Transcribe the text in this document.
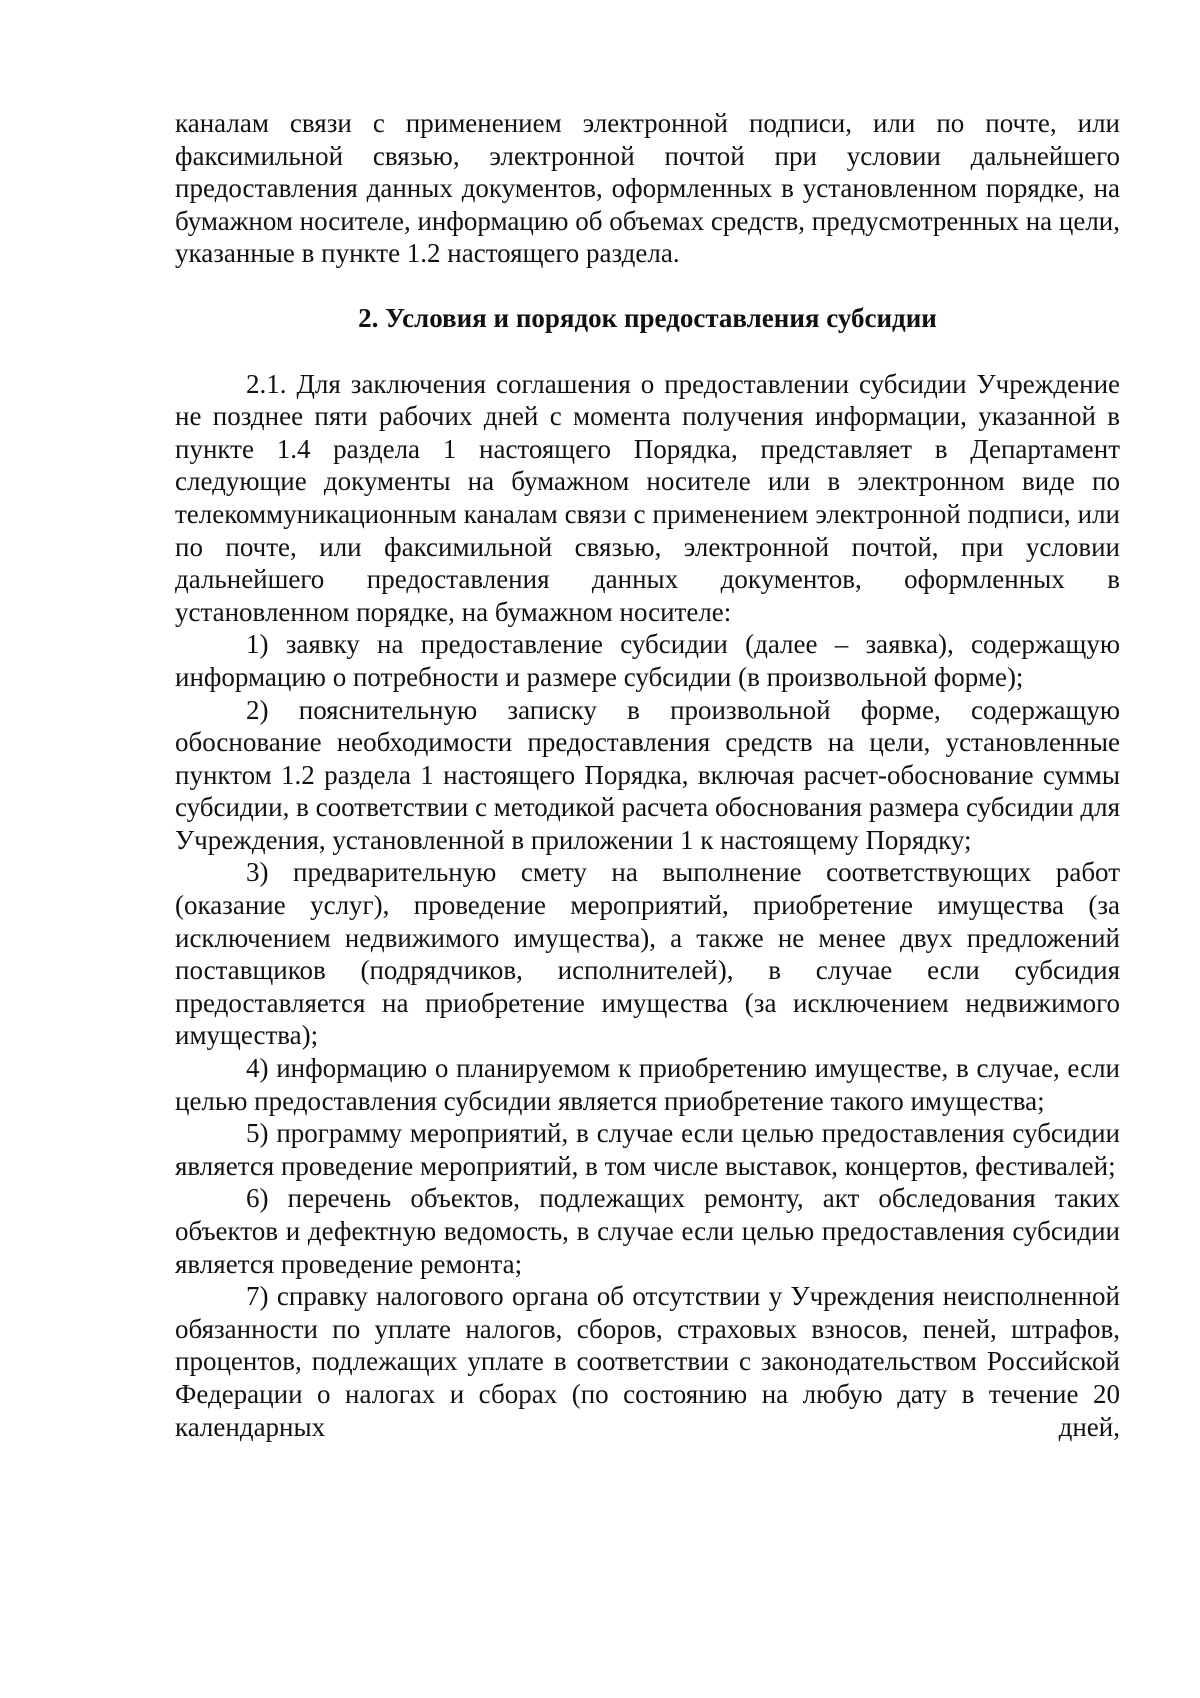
каналам связи с применением электронной подписи, или по почте, или факсимильной связью, электронной почтой при условии дальнейшего предоставления данных документов, оформленных в установленном порядке, на бумажном носителе, информацию об объемах средств, предусмотренных на цели, указанные в пункте 1.2 настоящего раздела.

2. Условия и порядок предоставления субсидии

2.1. Для заключения соглашения о предоставлении субсидии Учреждение не позднее пяти рабочих дней с момента получения информации, указанной в пункте 1.4 раздела 1 настоящего Порядка, представляет в Департамент следующие документы на бумажном носителе или в электронном виде по телекоммуникационным каналам связи с применением электронной подписи, или по почте, или факсимильной связью, электронной почтой, при условии дальнейшего предоставления данных документов, оформленных в установленном порядке, на бумажном носителе:

1) заявку на предоставление субсидии (далее – заявка), содержащую информацию о потребности и размере субсидии (в произвольной форме);

2) пояснительную записку в произвольной форме, содержащую обоснование необходимости предоставления средств на цели, установленные пунктом 1.2 раздела 1 настоящего Порядка, включая расчет-обоснование суммы субсидии, в соответствии с методикой расчета обоснования размера субсидии для Учреждения, установленной в приложении 1 к настоящему Порядку;

3) предварительную смету на выполнение соответствующих работ (оказание услуг), проведение мероприятий, приобретение имущества (за исключением недвижимого имущества), а также не менее двух предложений поставщиков (подрядчиков, исполнителей), в случае если субсидия предоставляется на приобретение имущества (за исключением недвижимого имущества);

4) информацию о планируемом к приобретению имуществе, в случае, если целью предоставления субсидии является приобретение такого имущества;

5) программу мероприятий, в случае если целью предоставления субсидии является проведение мероприятий, в том числе выставок, концертов, фестивалей;

6) перечень объектов, подлежащих ремонту, акт обследования таких объектов и дефектную ведомость, в случае если целью предоставления субсидии является проведение ремонта;

7) справку налогового органа об отсутствии у Учреждения неисполненной обязанности по уплате налогов, сборов, страховых взносов, пеней, штрафов, процентов, подлежащих уплате в соответствии с законодательством Российской Федерации о налогах и сборах (по состоянию на любую дату в течение 20 календарных дней,
